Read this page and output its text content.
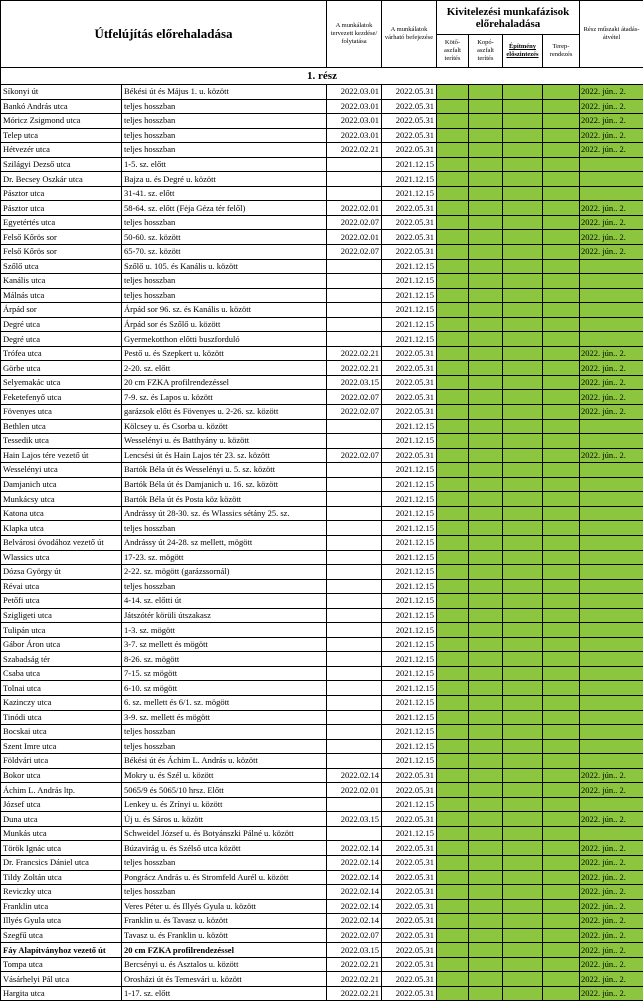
Útfelújítás előrehaladása		A munkálatok tervezett kezdése/ folytatása	A munkálatok várható befejezése	Kivitelezési munkafázisok előrehaladása				Rész műszaki átadás-átvétel
				Kötő-aszfalt terítés	Kopó-aszfalt terítés	Építmény előszintezés	Terep-rendezés	
1. rész								
Síkonyi út	Békési út és Május 1. u. között	2022.03.01	2022.05.31					2022. jún.. 2.
Bankó András utca	teljes hosszban	2022.03.01	2022.05.31					2022. jún.. 2.
Móricz Zsigmond utca	teljes hosszban	2022.03.01	2022.05.31					2022. jún.. 2.
Telep utca	teljes hosszban	2022.03.01	2022.05.31					2022. jún.. 2.
Hétvezér utca	teljes hosszban	2022.02.21	2022.05.31					2022. jún.. 2.
Szilágyi Dezső utca	1-5. sz. előtt		2021.12.15					
Dr. Becsey Oszkár utca	Bajza u. és Degré u. között		2021.12.15					
Pásztor utca	31-41. sz. előtt		2021.12.15					
Pásztor utca	58-64. sz. előtt (Fėja Géza tér felől)	2022.02.01	2022.05.31					2022. jún.. 2.
Egyetértés utca	teljes hosszban	2022.02.07	2022.05.31					2022. jún.. 2.
Felső Kőrös sor	50-60. sz. között	2022.02.01	2022.05.31					2022. jún.. 2.
Felső Kőrös sor	65-70. sz. között	2022.02.07	2022.05.31					2022. jún.. 2.
Szőlő utca	Szőlő u. 105. és Kanális u. között		2021.12.15					
Kanális utca	teljes hosszban		2021.12.15					
Málnás utca	teljes hosszban		2021.12.15					
Árpád sor	Árpád sor 96. sz. és Kanális u. között		2021.12.15					
Degré utca	Árpád sor és Szőlő u. között		2021.12.15					
Degré utca	Gyermekotthon előtti buszforduló		2021.12.15					
Trófea utca	Pestő u. és Szepkert u. között	2022.02.21	2022.05.31					2022. jún.. 2.
Görbe utca	2-20. sz. előtt	2022.02.21	2022.05.31					2022. jún.. 2.
Selyemakác utca	20 cm FZKA profilrendezéssel	2022.03.15	2022.05.31					2022. jún.. 2.
Feketefenyő utca	7-9. sz. és Lapos u. között	2022.02.07	2022.05.31					2022. jún.. 2.
Fövenyes utca	garázsok előtt és Fövenyes u. 2-26. sz. között	2022.02.07	2022.05.31					2022. jún.. 2.
Bethlen utca	Kölcsey u. és Csorba u. között		2021.12.15					
Tessedik utca	Wesselényi u. és Batthyány u. között		2021.12.15					
Hain Lajos tére vezető út	Lencsési út és Hain Lajos tér 23. sz. között	2022.02.07	2022.05.31					2022. jún.. 2.
Wesselényi utca	Bartók Béla út és Wesselényi u. 5. sz. között		2021.12.15					
Damjanich utca	Bartók Béla út és Damjanich u. 16. sz. között		2021.12.15					
Munkácsy utca	Bartók Béla út és Posta köz között		2021.12.15					
Katona utca	Andrássy út 28-30. sz. és Wlassics sétány 25. sz.		2021.12.15					
Klapka utca	teljes hosszban		2021.12.15					
Belvárosi óvodához vezető út	Andrássy út 24-28. sz mellett, mögött		2021.12.15					
Wlassics utca	17-23. sz. mögött		2021.12.15					
Dózsa György út	2-22. sz. mögött (garázssornál)		2021.12.15					
Révai utca	teljes hosszban		2021.12.15					
Petőfi utca	4-14. sz. előtti út		2021.12.15					
Szigligeti utca	Játszótér körüli útszakasz		2021.12.15					
Tulipán utca	1-3. sz. mögött		2021.12.15					
Gábor Áron utca	3-7. sz mellett és mögött		2021.12.15					
Szabadság tér	8-26. sz. mögött		2021.12.15					
Csaba utca	7-15. sz mögött		2021.12.15					
Tolnai utca	6-10. sz mögött		2021.12.15					
Kazinczy utca	6. sz. mellett és 6/1. sz. mögött		2021.12.15					
Tinódi utca	3-9. sz. mellett és mögött		2021.12.15					
Bocskai utca	teljes hosszban		2021.12.15					
Szent Imre utca	teljes hosszban		2021.12.15					
Földvári utca	Békési út és Áchim L. András u. között		2021.12.15					
Bokor utca	Mokry u. és Szél u. között	2022.02.14	2022.05.31					2022. jún.. 2.
Áchim L. András ltp.	5065/9 és 5065/10 hrsz. Előtt	2022.02.01	2022.05.31					2022. jún.. 2.
József utca	Lenkey u. és Zrínyi u. között		2021.12.15					
Duna utca	Új u. és Sáros u. között	2022.03.15	2022.05.31					2022. jún.. 2.
Munkás utca	Schweidel József u. és Botyánszki Pálné u. között		2021.12.15					
Török Ignác utca	Búzavirág u. és Szélső utca között	2022.02.14	2022.05.31					2022. jún.. 2.
Dr. Francsics Dániel utca	teljes hosszban	2022.02.14	2022.05.31					2022. jún.. 2.
Tildy Zoltán utca	Pongrácz András u. és Stromfeld Aurél u. között	2022.02.14	2022.05.31					2022. jún.. 2.
Reviczky utca	teljes hosszban	2022.02.14	2022.05.31					2022. jún.. 2.
Franklin utca	Veres Péter u. és Illyés Gyula u. között	2022.02.14	2022.05.31					2022. jún.. 2.
Illyés Gyula utca	Franklin u. és Tavasz u. között	2022.02.14	2022.05.31					2022. jún.. 2.
Szegfű utca	Tavasz u. és Franklin u. között	2022.02.07	2022.05.31					2022. jún.. 2.
Fáy Alapítványhoz vezető út	20 cm FZKA profilrendezéssel	2022.03.15	2022.05.31					2022. jún.. 2.
Tompa utca	Bercsényi u. és Asztalos u. között	2022.02.21	2022.05.31					2022. jún.. 2.
Vásárhelyi Pál utca	Orosházi út és Temesvári u. között	2022.02.21	2022.05.31					2022. jún.. 2.
Hargita utca	1-17. sz. előtt	2022.02.21	2022.05.31					2022. jún.. 2.
